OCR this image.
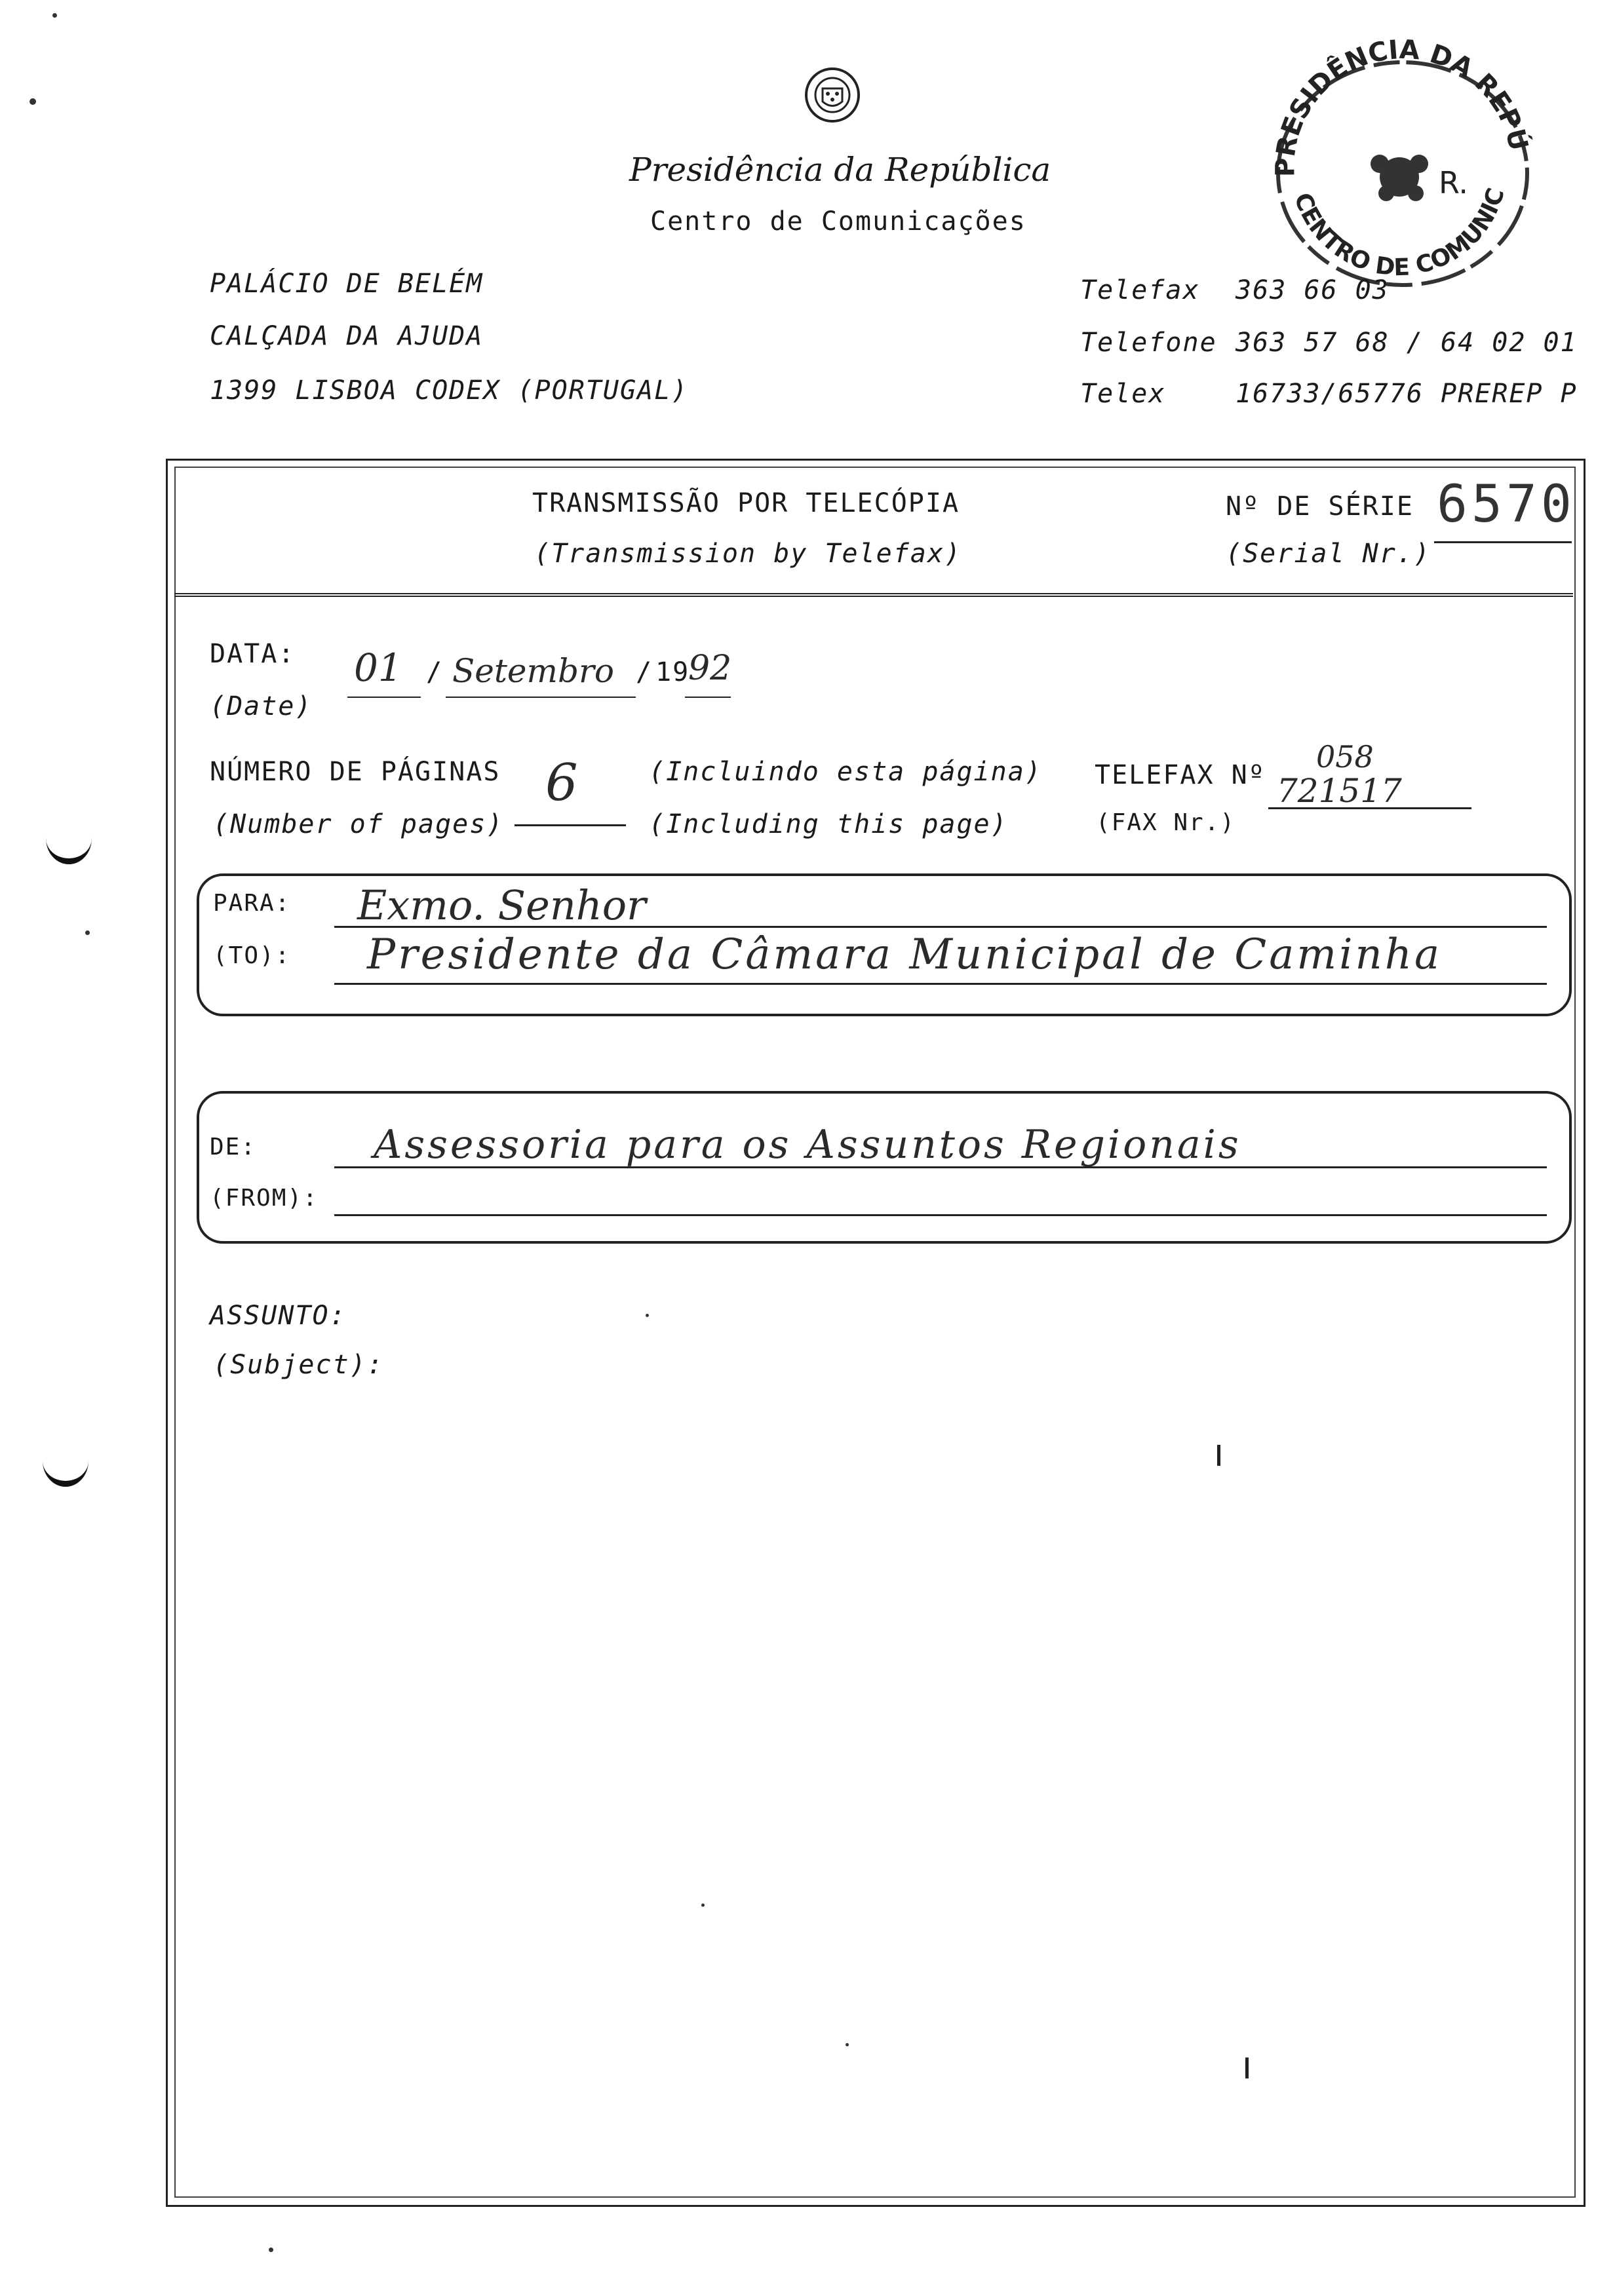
Presidência da República
Centro de Comunicações
PRESIDÊNCIA DA REPÚ
CENTRO DE COMUNIC
R.
PALÁCIO DE BELÉM
CALÇADA DA AJUDA
1399 LISBOA CODEX (PORTUGAL)
Telefax 363 66 03
Telefone 363 57 68 / 64 02 01
Telex	16733/65776 PREREP P
TRANSMISSÃO POR TELECÓPIA
(Transmission by Telefax)
Nº DE SÉRIE
(Serial Nr.)
6570
DATA:
(Date)
01 / Setembro / 19
92
NÚMERO DE PÁGINAS
(Number of pages)
6	(Incluindo esta página)
(Including this page)
TELEFAX Nº
(FAX Nr.)
058
721517
PARA:
(TO):
Exmo. Senhor
Presidente da Câmara Municipal de Caminha
DE:
(FROM):
Assessoria para os Assuntos Regionais
ASSUNTO:
(Subject):
